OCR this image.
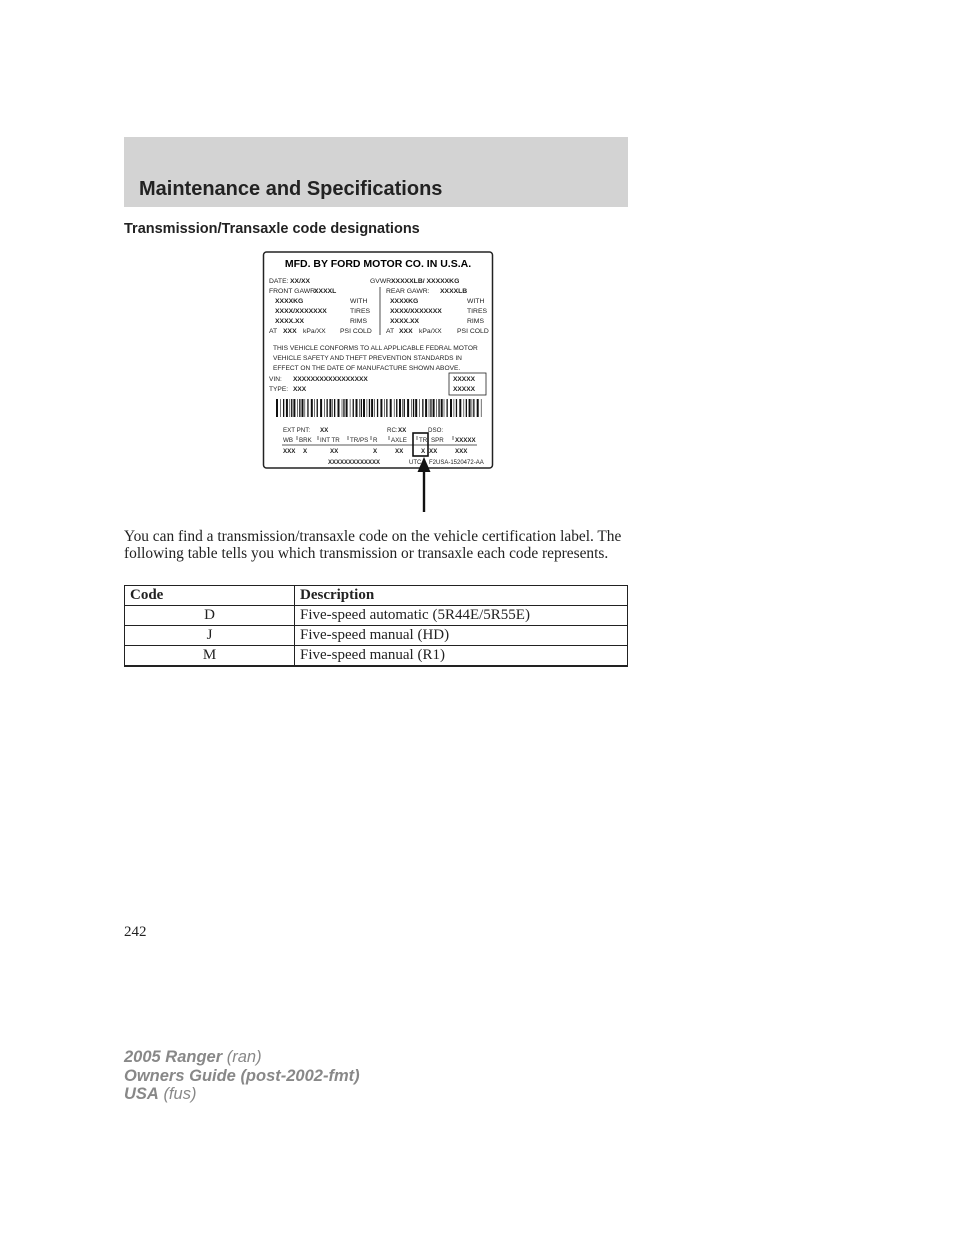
Maintenance and Specifications
Transmission/Transaxle code designations
MFD. BY FORD MOTOR CO. IN U.S.A.
DATE: XX/XX	GVWR:
XXXXXLB/ XXXXXKG
FRONT GAWR:
XXXXL	REAR GAWR: XXXXLB
XXXXKG	WITH	XXXXKG	WITH
XXXX/XXXXXXX	TIRES	XXXX/XXXXXXX	TIRES
XXXX.XX	RIMS	XXXX.XX	RIMS
AT XXX kPa/XX PSI COLD AT XXX kPa/XX PSI COLD
THIS VEHICLE CONFORMS TO ALL APPLICABLE FEDRAL MOTOR
VEHICLE SAFETY AND THEFT PREVENTION STANDARDS IN
EFFECT ON THE DATE OF MANUFACTURE SHOWN ABOVE.
VIN: XXXXXXXXXXXXXXXXX
TYPE: XXX
XXXXX
XXXXX
EXT PNT: XX	RC: XX	DSO:
WB BRK INT TR TR/PS R AXLE TR SPR XXXXX
XXX X	XX	X	XX	X XX	XXX
XXXXXXXXXXXXX	UTC F2USA-1520472-AA
You can find a transmission/transaxle code on the vehicle certification label. The following table tells you which transmission or transaxle each code represents.
Code	Description
D	Five-speed automatic (5R44E/5R55E)
J	Five-speed manual (HD)
M	Five-speed manual (R1)
242
2005 Ranger (ran)
Owners Guide (post-2002-fmt)
USA (fus)
